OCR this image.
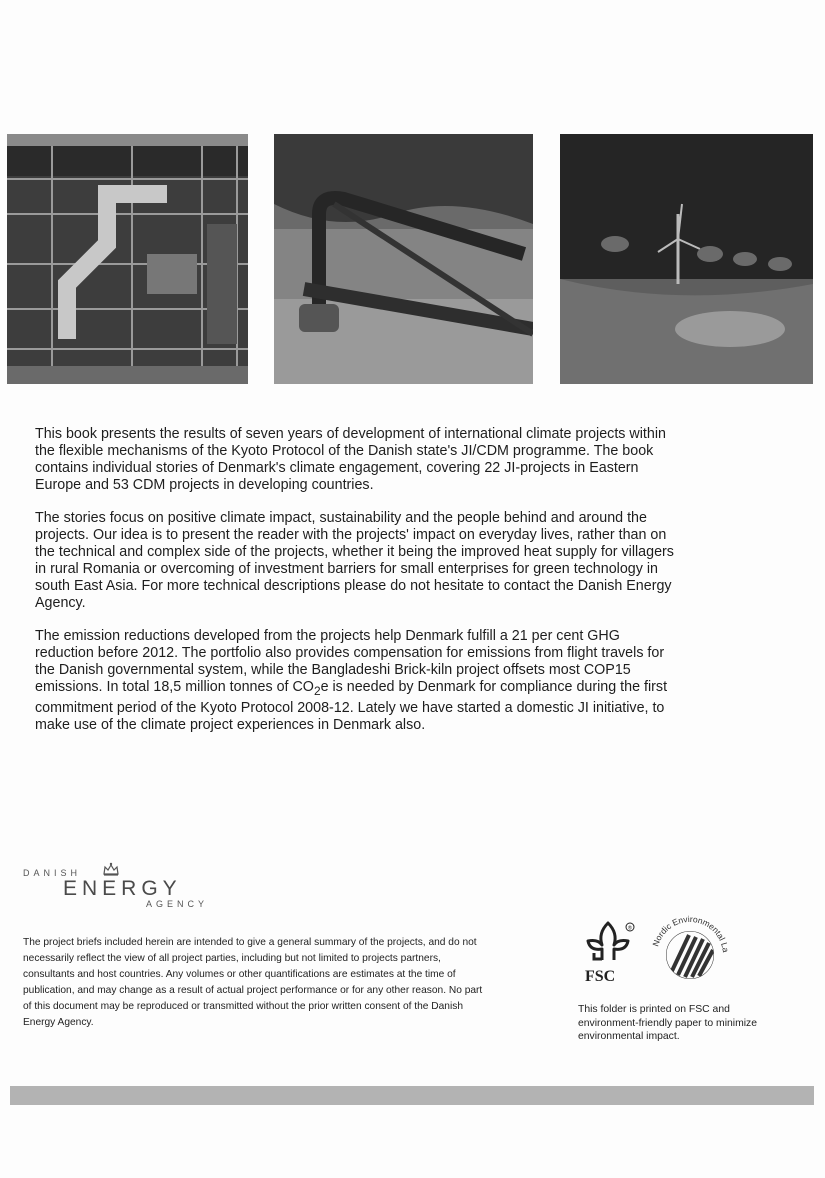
This book presents the results of seven years of development of international climate projects within the flexible mechanisms of the Kyoto Protocol of the Danish state's JI/CDM programme. The book contains individual stories of Denmark's climate engagement, covering 22 JI-projects in Eastern Europe and 53 CDM projects in developing countries.

The stories focus on positive climate impact, sustainability and the people behind and around the projects. Our idea is to present the reader with the projects' impact on everyday lives, rather than on the technical and complex side of the projects, whether it being the improved heat supply for villagers in rural Romania or overcoming of investment barriers for small enterprises for green technology in south East Asia. For more technical descriptions please do not hesitate to contact the Danish Energy Agency.

The emission reductions developed from the projects help Denmark fulfill a 21 per cent GHG reduction before 2012. The portfolio also provides compensation for emissions from flight travels for the Danish governmental system, while the Bangladeshi Brick-kiln project offsets most COP15 emissions. In total 18,5 million tonnes of $CO_2e$ is needed by Denmark for compliance during the first commitment period of the Kyoto Protocol 2008-12. Lately we have started a domestic JI initiative, to make use of the climate project experiences in Denmark also.

DANISH
ENERGY
AGENCY

The project briefs included herein are intended to give a general summary of the projects, and do not necessarily reflect the view of all project parties, including but not limited to projects partners, consultants and host countries. Any volumes or other quantifications are estimates at the time of publication, and may change as a result of actual project performance or for any other reason. No part of this document may be reproduced or transmitted without the prior written consent of the Danish Energy Agency.

®
FSC
Nordic Environmental La

This folder is printed on FSC and environment-friendly paper to minimize environmental impact.
